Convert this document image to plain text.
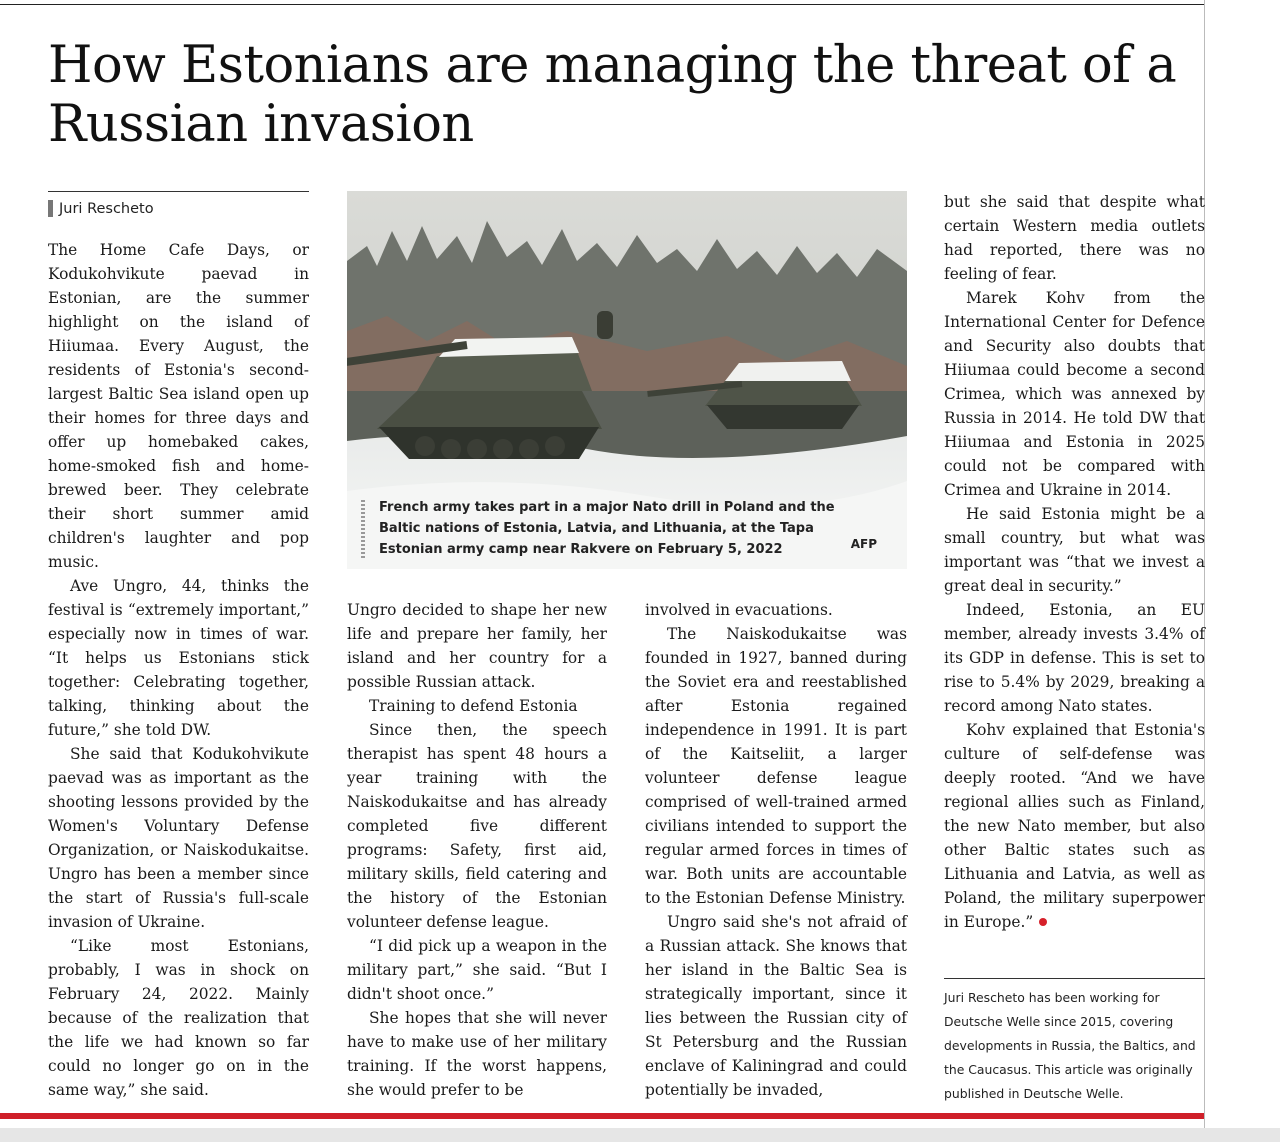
How Estonians are managing the threat of a Russian invasion
Juri Rescheto

The Home Cafe Days, or Kodukohvikute paevad in Estonian, are the summer highlight on the island of Hiiumaa. Every August, the residents of Estonia's second-largest Baltic Sea island open up their homes for three days and offer up homebaked cakes, home-smoked fish and home-brewed beer. They celebrate their short summer amid children's laughter and pop music.

Ave Ungro, 44, thinks the festival is “extremely important,” especially now in times of war. “It helps us Estonians stick together: Celebrating together, talking, thinking about the future,” she told DW.

She said that Kodukohvikute paevad was as important as the shooting lessons provided by the Women's Voluntary Defense Organization, or Naiskodukaitse. Ungro has been a member since the start of Russia's full-scale invasion of Ukraine.

“Like most Estonians, probably, I was in shock on February 24, 2022. Mainly because of the realization that the life we had known so far could no longer go on in the same way,” she said.

French army takes part in a major Nato drill in Poland and the Baltic nations of Estonia, Latvia, and Lithuania, at the Tapa Estonian army camp near Rakvere on February 5, 2022	AFP

Ungro decided to shape her new life and prepare her family, her island and her country for a possible Russian attack.

Training to defend Estonia

Since then, the speech therapist has spent 48 hours a year training with the Naiskodukaitse and has already completed five different programs: Safety, first aid, military skills, field catering and the history of the Estonian volunteer defense league.

“I did pick up a weapon in the military part,” she said. “But I didn't shoot once.”

She hopes that she will never have to make use of her military training. If the worst happens, she would prefer to be

involved in evacuations.

The Naiskodukaitse was founded in 1927, banned during the Soviet era and reestablished after Estonia regained independence in 1991. It is part of the Kaitseliit, a larger volunteer defense league comprised of well-trained armed civilians intended to support the regular armed forces in times of war. Both units are accountable to the Estonian Defense Ministry.

Ungro said she's not afraid of a Russian attack. She knows that her island in the Baltic Sea is strategically important, since it lies between the Russian city of St Petersburg and the Russian enclave of Kaliningrad and could potentially be invaded,

but she said that despite what certain Western media outlets had reported, there was no feeling of fear.

Marek Kohv from the International Center for Defence and Security also doubts that Hiiumaa could become a second Crimea, which was annexed by Russia in 2014. He told DW that Hiiumaa and Estonia in 2025 could not be compared with Crimea and Ukraine in 2014.

He said Estonia might be a small country, but what was important was “that we invest a great deal in security.”

Indeed, Estonia, an EU member, already invests 3.4% of its GDP in defense. This is set to rise to 5.4% by 2029, breaking a record among Nato states.

Kohv explained that Estonia's culture of self-defense was deeply rooted. “And we have regional allies such as Finland, the new Nato member, but also other Baltic states such as Lithuania and Latvia, as well as Poland, the military superpower in Europe.”

Juri Rescheto has been working for Deutsche Welle since 2015, covering developments in Russia, the Baltics, and the Caucasus. This article was originally published in Deutsche Welle.
